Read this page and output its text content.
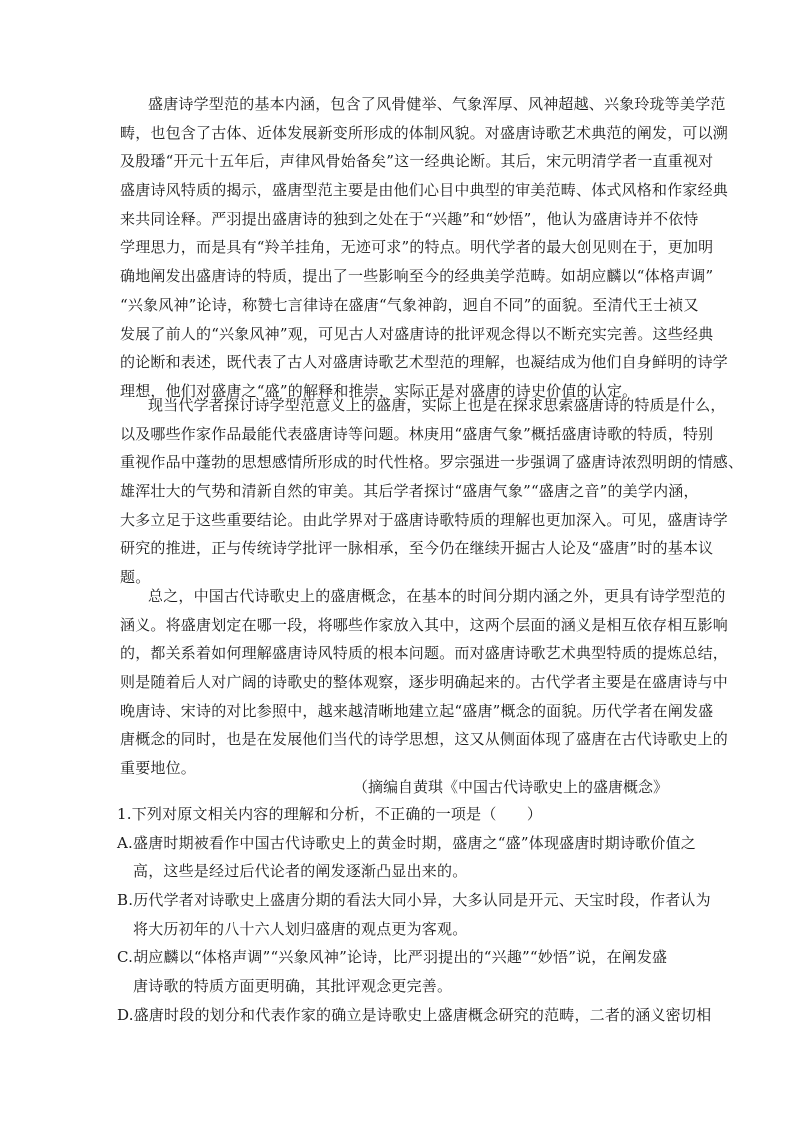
盛唐诗学型范的基本内涵，包含了风骨健举、气象浑厚、风神超越、兴象玲珑等美学范
畴，也包含了古体、近体发展新变所形成的体制风貌。对盛唐诗歌艺术典范的阐发，可以溯
及殷璠“开元十五年后，声律风骨始备矣”这一经典论断。其后，宋元明清学者一直重视对
盛唐诗风特质的揭示，盛唐型范主要是由他们心目中典型的审美范畴、体式风格和作家经典
来共同诠释。严羽提出盛唐诗的独到之处在于“兴趣”和“妙悟”，他认为盛唐诗并不依恃
学理思力，而是具有“羚羊挂角，无迹可求”的特点。明代学者的最大创见则在于，更加明
确地阐发出盛唐诗的特质，提出了一些影响至今的经典美学范畴。如胡应麟以“体格声调”
“兴象风神”论诗，称赞七言律诗在盛唐“气象神韵，迥自不同”的面貌。至清代王士祯又
发展了前人的“兴象风神”观，可见古人对盛唐诗的批评观念得以不断充实完善。这些经典
的论断和表述，既代表了古人对盛唐诗歌艺术型范的理解，也凝结成为他们自身鲜明的诗学
理想，他们对盛唐之“盛”的解释和推崇，实际正是对盛唐的诗史价值的认定。
现当代学者探讨诗学型范意义上的盛唐，实际上也是在探求思索盛唐诗的特质是什么，
以及哪些作家作品最能代表盛唐诗等问题。林庚用“盛唐气象”概括盛唐诗歌的特质，特别
重视作品中蓬勃的思想感情所形成的时代性格。罗宗强进一步强调了盛唐诗浓烈明朗的情感、
雄浑壮大的气势和清新自然的审美。其后学者探讨“盛唐气象”“盛唐之音”的美学内涵，
大多立足于这些重要结论。由此学界对于盛唐诗歌特质的理解也更加深入。可见，盛唐诗学
研究的推进，正与传统诗学批评一脉相承，至今仍在继续开掘古人论及“盛唐”时的基本议
题。
总之，中国古代诗歌史上的盛唐概念，在基本的时间分期内涵之外，更具有诗学型范的
涵义。将盛唐划定在哪一段，将哪些作家放入其中，这两个层面的涵义是相互依存相互影响
的，都关系着如何理解盛唐诗风特质的根本问题。而对盛唐诗歌艺术典型特质的提炼总结，
则是随着后人对广阔的诗歌史的整体观察，逐步明确起来的。古代学者主要是在盛唐诗与中
晚唐诗、宋诗的对比参照中，越来越清晰地建立起“盛唐”概念的面貌。历代学者在阐发盛
唐概念的同时，也是在发展他们当代的诗学思想，这又从侧面体现了盛唐在古代诗歌史上的
重要地位。
（摘编自黄琪《中国古代诗歌史上的盛唐概念》
1.下列对原文相关内容的理解和分析，不正确的一项是（　　）
A.盛唐时期被看作中国古代诗歌史上的黄金时期，盛唐之“盛”体现盛唐时期诗歌价值之
高，这些是经过后代论者的阐发逐渐凸显出来的。
B.历代学者对诗歌史上盛唐分期的看法大同小异，大多认同是开元、天宝时段，作者认为
将大历初年的八十六人划归盛唐的观点更为客观。
C.胡应麟以“体格声调”“兴象风神”论诗，比严羽提出的“兴趣”“妙悟”说，在阐发盛
唐诗歌的特质方面更明确，其批评观念更完善。
D.盛唐时段的划分和代表作家的确立是诗歌史上盛唐概念研究的范畴，二者的涵义密切相
